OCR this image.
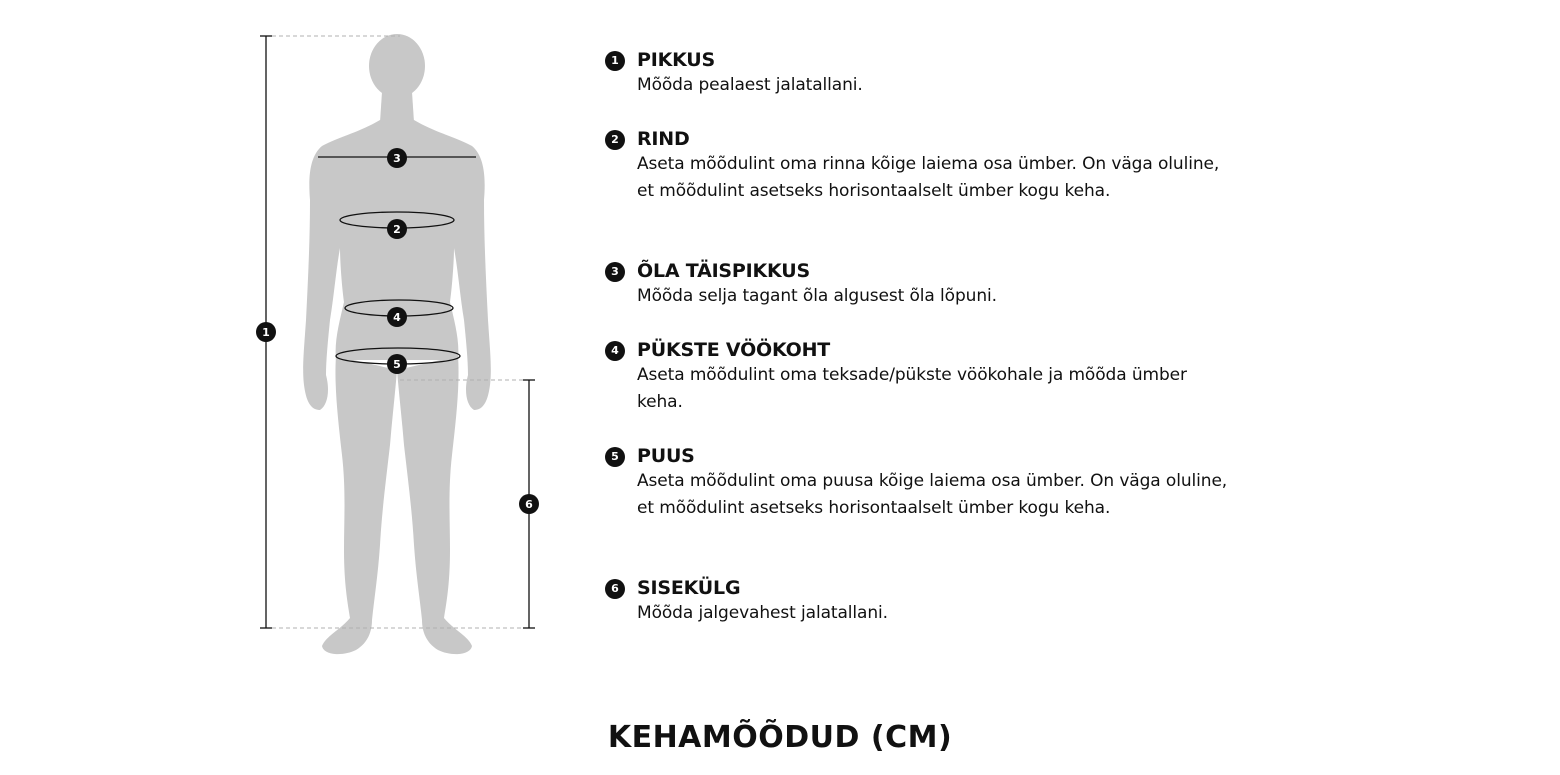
1
2
3
4
5
6
1 PIKKUS
Mõõda pealaest jalatallani.
2 RIND
Aseta mõõdulint oma rinna kõige laiema osa ümber. On väga oluline, et mõõdulint asetseks horisontaalselt ümber kogu keha.
3 ÕLA TÄISPIKKUS
Mõõda selja tagant õla algusest õla lõpuni.
4 PÜKSTE VÖÖKOHT
Aseta mõõdulint oma teksade/pükste vöökohale ja mõõda ümber keha.
5 PUUS
Aseta mõõdulint oma puusa kõige laiema osa ümber. On väga oluline, et mõõdulint asetseks horisontaalselt ümber kogu keha.
6 SISEKÜLG
Mõõda jalgevahest jalatallani.
KEHAMÕÕDUD (CM)
